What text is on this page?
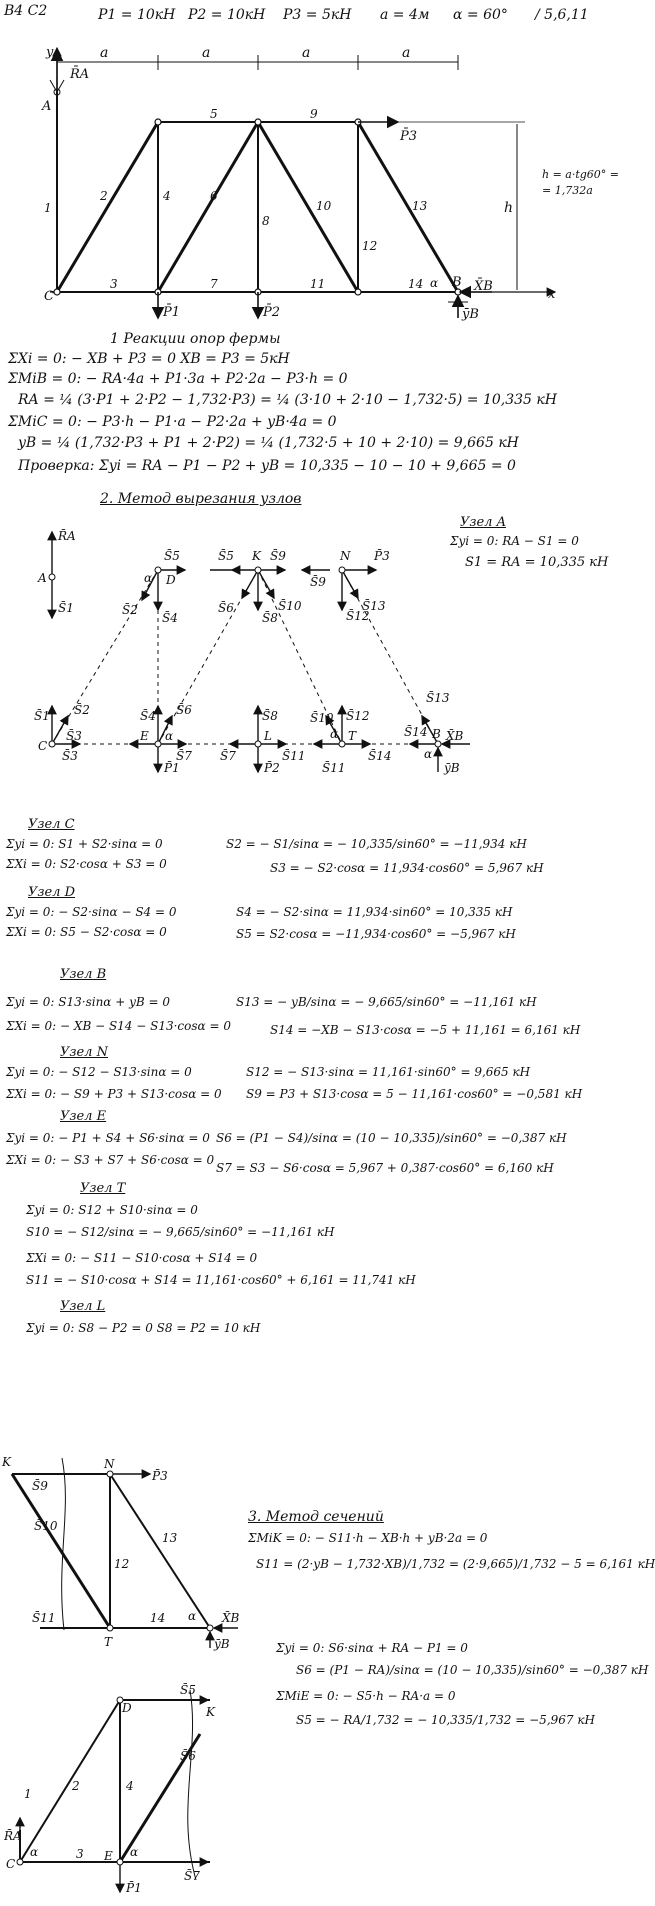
В4 С2	P1 = 10кН P2 = 10кН P3 = 5кН a = 4м α = 60° / 5,6,11
y
x
a	a	a	a
R̄A
A
1
2
3
4
5
6
7
8
9
10
11
12
13
14
C
B
α
P̄1	P̄2
P̄3
X̄B
ȳB
h
h = a·tg60° =
= 1,732a
1 Реакции опор фермы
ΣXi = 0: − XB + P3 = 0 XB = P3 = 5кН
ΣMiB = 0: − RA·4a + P1·3a + P2·2a − P3·h = 0
RA = ¼ (3·P1 + 2·P2 − 1,732·P3) = ¼ (3·10 + 2·10 − 1,732·5) = 10,335 кН
ΣMiC = 0: − P3·h − P1·a − P2·2a + yB·4a = 0
yB = ¼ (1,732·P3 + P1 + 2·P2) = ¼ (1,732·5 + 10 + 2·10) = 9,665 кН
Проверка: Σyi = RA − P1 − P2 + yB = 10,335 − 10 − 10 + 9,665 = 0
2. Метод вырезания узлов
Узел A
Σyi = 0: RA − S1 = 0
S1 = RA = 10,335 кН
R̄A
A
S̄1
S̄5
D
α
S̄5 K S̄9	N P̄3
S̄9
S̄2
S̄4
S̄6
S̄8
S̄10
S̄12
S̄13
S̄1 S̄2
S̄3
C
S̄3
E
S̄4 S̄6
α
S̄7
P̄1
S̄7
S̄8
L
P̄2
S̄11
S̄10
α
S̄12
T
S̄11
S̄14
S̄13
S̄14 B
α
X̄B
ȳB
Узел C
Σyi = 0: S1 + S2·sinα = 0
ΣXi = 0: S2·cosα + S3 = 0
S2 = − S1/sinα = − 10,335/sin60° = −11,934 кН
S3 = − S2·cosα = 11,934·cos60° = 5,967 кН
Узел D
Σyi = 0: − S2·sinα − S4 = 0
ΣXi = 0: S5 − S2·cosα = 0
S4 = − S2·sinα = 11,934·sin60° = 10,335 кН
S5 = S2·cosα = −11,934·cos60° = −5,967 кН
Узел B
Σyi = 0: S13·sinα + yB = 0
ΣXi = 0: − XB − S14 − S13·cosα = 0
S13 = − yB/sinα = − 9,665/sin60° = −11,161 кН
S14 = −XB − S13·cosα = −5 + 11,161 = 6,161 кН
Узел N
Σyi = 0: − S12 − S13·sinα = 0
ΣXi = 0: − S9 + P3 + S13·cosα = 0
S12 = − S13·sinα = 11,161·sin60° = 9,665 кН
S9 = P3 + S13·cosα = 5 − 11,161·cos60° = −0,581 кН
Узел E
Σyi = 0: − P1 + S4 + S6·sinα = 0
ΣXi = 0: − S3 + S7 + S6·cosα = 0
S6 = (P1 − S4)/sinα = (10 − 10,335)/sin60° = −0,387 кН
S7 = S3 − S6·cosα = 5,967 + 0,387·cos60° = 6,160 кН
Узел T
Σyi = 0: S12 + S10·sinα = 0
S10 = − S12/sinα = − 9,665/sin60° = −11,161 кН
ΣXi = 0: − S11 − S10·cosα + S14 = 0
S11 = − S10·cosα + S14 = 11,161·cos60° + 6,161 = 11,741 кН
Узел L
Σyi = 0: S8 − P2 = 0 S8 = P2 = 10 кН
3. Метод сечений
ΣMiK = 0: − S11·h − XB·h + yB·2a = 0
S11 = (2·yB − 1,732·XB)/1,732 = (2·9,665)/1,732 − 5 = 6,161 кН
Σyi = 0: S6·sinα + RA − P1 = 0
S6 = (P1 − RA)/sinα = (10 − 10,335)/sin60° = −0,387 кН
ΣMiE = 0: − S5·h − RA·a = 0
S5 = − RA/1,732 = − 10,335/1,732 = −5,967 кН
K	N
S̄9
P̄3
S̄10
12
13
14
S̄11
T
α X̄B
ȳB
R̄A
1
2
3
4
D
S̄5
K
S̄6
C
α	E α
P̄1
S̄7
